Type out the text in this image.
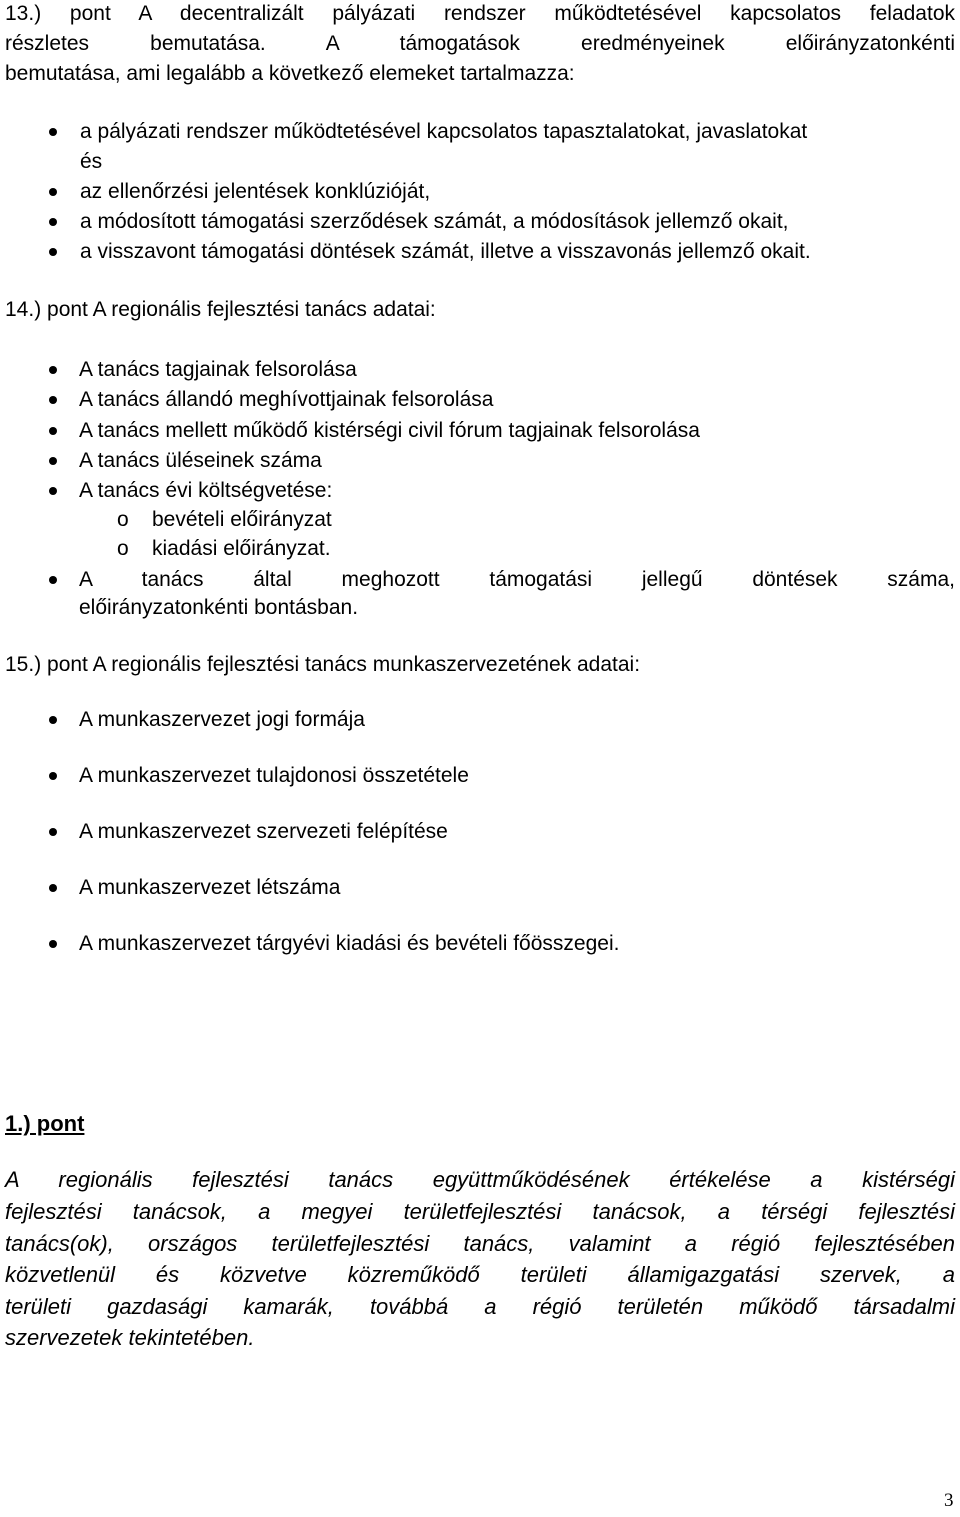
13.) pont A decentralizált pályázati rendszer működtetésével kapcsolatos feladatok
részletes bemutatása. A támogatások eredményeinek előirányzatonkénti
bemutatása, ami legalább a következő elemeket tartalmazza:
a pályázati rendszer működtetésével kapcsolatos tapasztalatokat, javaslatokat
és
az ellenőrzési jelentések konklúzióját,
a módosított támogatási szerződések számát, a módosítások jellemző okait,
a visszavont támogatási döntések számát, illetve a visszavonás jellemző okait.
14.) pont A regionális fejlesztési tanács adatai:
A tanács tagjainak felsorolása
A tanács állandó meghívottjainak felsorolása
A tanács mellett működő kistérségi civil fórum tagjainak felsorolása
A tanács üléseinek száma
A tanács évi költségvetése:
o bevételi előirányzat
o kiadási előirányzat.
A tanács által meghozott támogatási jellegű döntések száma,
előirányzatonkénti bontásban.
15.) pont A regionális fejlesztési tanács munkaszervezetének adatai:
A munkaszervezet jogi formája
A munkaszervezet tulajdonosi összetétele
A munkaszervezet szervezeti felépítése
A munkaszervezet létszáma
A munkaszervezet tárgyévi kiadási és bevételi főösszegei.
1.) pont
A regionális fejlesztési tanács együttműködésének értékelése a kistérségi
fejlesztési tanácsok, a megyei területfejlesztési tanácsok, a térségi fejlesztési
tanács(ok), országos területfejlesztési tanács, valamint a régió fejlesztésében
közvetlenül és közvetve közreműködő területi államigazgatási szervek, a
területi gazdasági kamarák, továbbá a régió területén működő társadalmi
szervezetek tekintetében.
3
